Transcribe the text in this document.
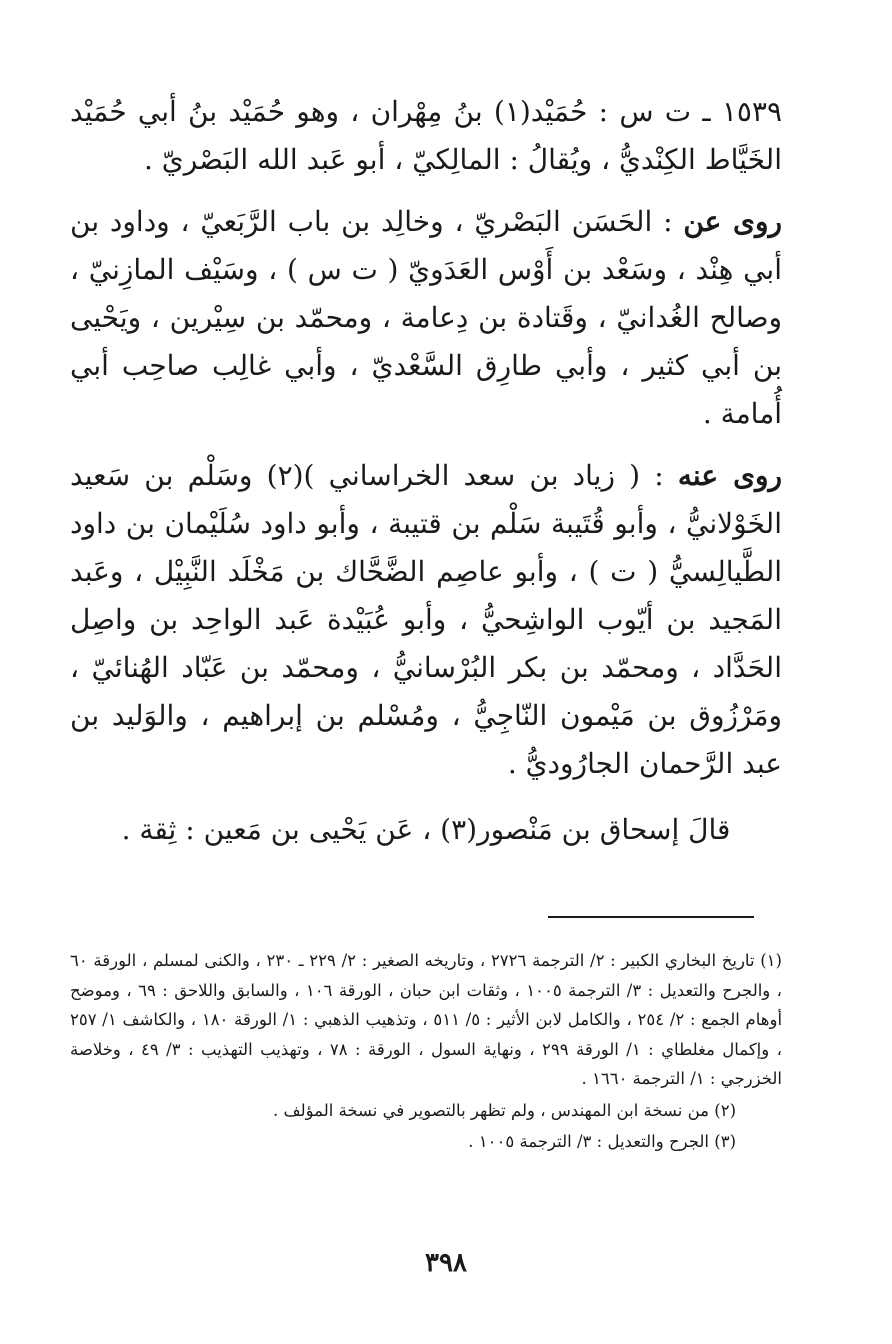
١٥٣٩ ـ ت س : حُمَيْد(١) بنُ مِهْران ، وهو حُمَيْد بنُ أبي حُمَيْد الخَيَّاط الكِنْديُّ ، ويُقالُ : المالِكيّ ، أبو عَبد الله البَصْريّ .

روى عن : الحَسَن البَصْريّ ، وخالِد بن باب الرَّبَعيّ ، وداود بن أبي هِنْد ، وسَعْد بن أَوْس العَدَويّ ( ت س ) ، وسَيْف المازِنيّ ، وصالح الغُدانيّ ، وقَتادة بن دِعامة ، ومحمّد بن سِيْرين ، ويَحْيى بن أبي كثير ، وأبي طارِق السَّعْديّ ، وأبي غالِب صاحِب أبي أُمامة .

روى عنه : ( زياد بن سعد الخراساني )(٢) وسَلْم بن سَعيد الخَوْلانيُّ ، وأبو قُتَيبة سَلْم بن قتيبة ، وأبو داود سُلَيْمان بن داود الطَّيالِسيُّ ( ت ) ، وأبو عاصِم الضَّحَّاك بن مَخْلَد النَّبِيْل ، وعَبد المَجيد بن أيّوب الواشِحيُّ ، وأبو عُبَيْدة عَبد الواحِد بن واصِل الحَدَّاد ، ومحمّد بن بكر البُرْسانيُّ ، ومحمّد بن عَبّاد الهُنائيّ ، ومَرْزُوق بن مَيْمون النّاجِيُّ ، ومُسْلم بن إبراهيم ، والوَليد بن عبد الرَّحمان الجارُوديُّ .

قالَ إسحاق بن مَنْصور(٣) ، عَن يَحْيى بن مَعين : ثِقة .

(١) تاريخ البخاري الكبير : ٢/ الترجمة ٢٧٢٦ ، وتاريخه الصغير : ٢/ ٢٢٩ ـ ٢٣٠ ، والكنى لمسلم ، الورقة ٦٠ ، والجرح والتعديل : ٣/ الترجمة ١٠٠٥ ، وثقات ابن حبان ، الورقة ١٠٦ ، والسابق واللاحق : ٦٩ ، وموضح أوهام الجمع : ٢/ ٢٥٤ ، والكامل لابن الأثير : ٥/ ٥١١ ، وتذهيب الذهبي : ١/ الورقة ١٨٠ ، والكاشف ١/ ٢٥٧ ، وإكمال مغلطاي : ١/ الورقة ٢٩٩ ، ونهاية السول ، الورقة : ٧٨ ، وتهذيب التهذيب : ٣/ ٤٩ ، وخلاصة الخزرجي : ١/ الترجمة ١٦٦٠ .

(٢) من نسخة ابن المهندس ، ولم تظهر بالتصوير في نسخة المؤلف .

(٣) الجرح والتعديل : ٣/ الترجمة ١٠٠٥ .

٣٩٨
